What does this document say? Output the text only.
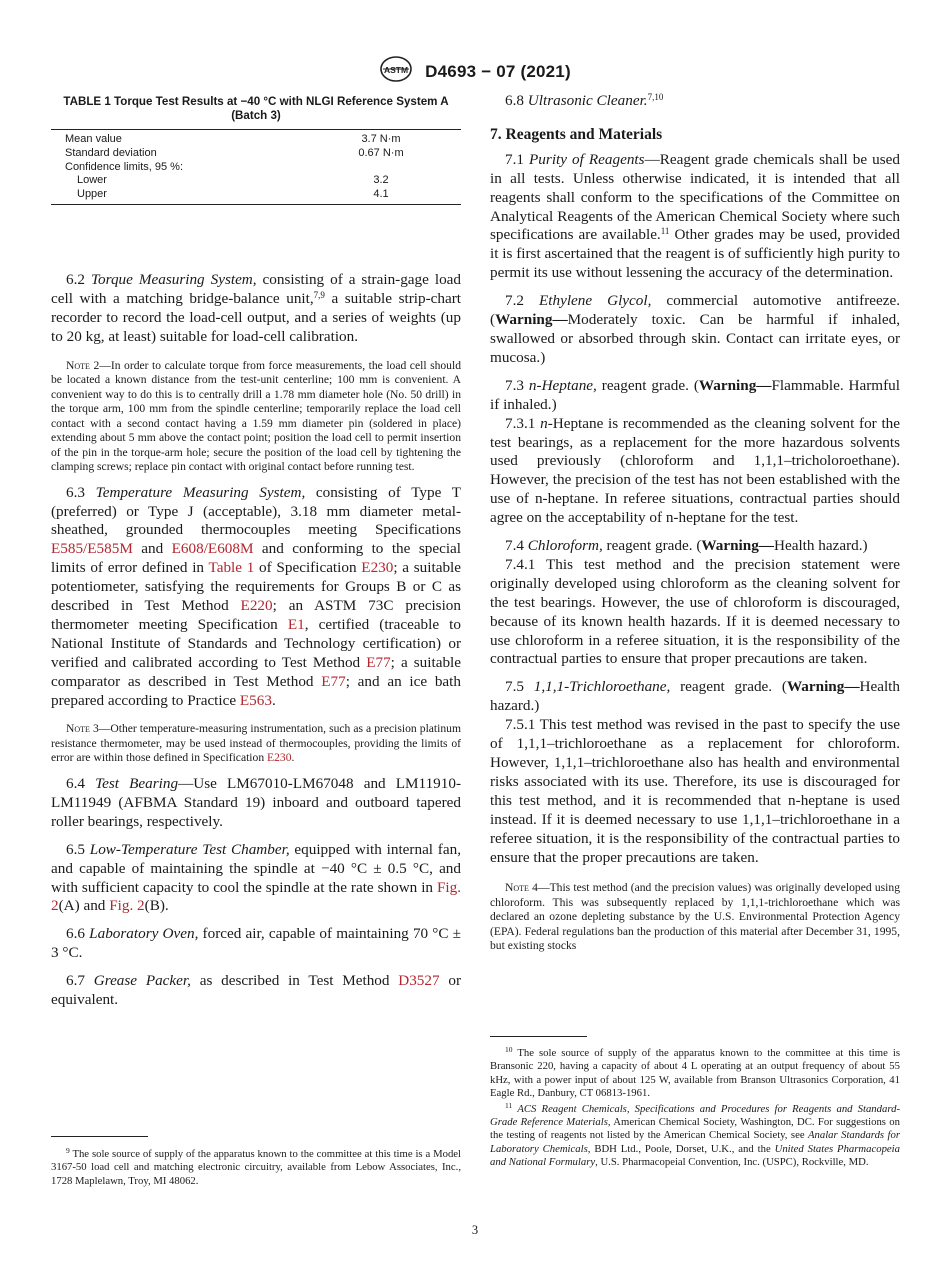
ASTM D4693 − 07 (2021)
TABLE 1 Torque Test Results at −40 °C with NLGI Reference System A (Batch 3)
Mean value	3.7 N·m
Standard deviation	0.67 N·m
Confidence limits, 95 %:	
Lower	3.2
Upper	4.1

6.2 Torque Measuring System, consisting of a strain-gage load cell with a matching bridge-balance unit,$^{7,9}$ a suitable strip-chart recorder to record the load-cell output, and a series of weights (up to 20 kg, at least) suitable for load-cell calibration.

Note 2—In order to calculate torque from force measurements, the load cell should be located a known distance from the test-unit centerline; 100 mm is convenient. A convenient way to do this is to centrally drill a 1.78 mm diameter hole (No. 50 drill) in the torque arm, 100 mm from the spindle centerline; temporarily replace the load cell contact with a second contact having a 1.59 mm diameter pin (soldered in place) extending about 5 mm above the contact point; position the load cell to permit insertion of the pin in the torque-arm hole; secure the position of the load cell by tightening the clamping screws; replace pin contact with original contact before running test.

6.3 Temperature Measuring System, consisting of Type T (preferred) or Type J (acceptable), 3.18 mm diameter metal-sheathed, grounded thermocouples meeting Specifications E585/E585M and E608/E608M and conforming to the special limits of error defined in Table 1 of Specification E230; a suitable potentiometer, satisfying the requirements for Groups B or C as described in Test Method E220; an ASTM 73C precision thermometer meeting Specification E1, certified (traceable to National Institute of Standards and Technology certification) or verified and calibrated according to Test Method E77; a suitable comparator as described in Test Method E77; and an ice bath prepared according to Practice E563.

Note 3—Other temperature-measuring instrumentation, such as a precision platinum resistance thermometer, may be used instead of thermocouples, providing the limits of error are within those defined in Specification E230.

6.4 Test Bearing—Use LM67010-LM67048 and LM11910-LM11949 (AFBMA Standard 19) inboard and outboard tapered roller bearings, respectively.

6.5 Low-Temperature Test Chamber, equipped with internal fan, and capable of maintaining the spindle at −40 °C ± 0.5 °C, and with sufficient capacity to cool the spindle at the rate shown in Fig. 2(A) and Fig. 2(B).

6.6 Laboratory Oven, forced air, capable of maintaining 70 °C ± 3 °C.

6.7 Grease Packer, as described in Test Method D3527 or equivalent.

$^9$ The sole source of supply of the apparatus known to the committee at this time is a Model 3167-50 load cell and matching electronic circuitry, available from Lebow Associates, Inc., 1728 Maplelawn, Troy, MI 48062.

6.8 Ultrasonic Cleaner.$^{7,10}$

7. Reagents and Materials

7.1 Purity of Reagents—Reagent grade chemicals shall be used in all tests. Unless otherwise indicated, it is intended that all reagents shall conform to the specifications of the Committee on Analytical Reagents of the American Chemical Society where such specifications are available.$^{11}$ Other grades may be used, provided it is first ascertained that the reagent is of sufficiently high purity to permit its use without lessening the accuracy of the determination.

7.2 Ethylene Glycol, commercial automotive antifreeze. (Warning—Moderately toxic. Can be harmful if inhaled, swallowed or absorbed through skin. Contact can irritate eyes, or mucosa.)

7.3 n-Heptane, reagent grade. (Warning—Flammable. Harmful if inhaled.)

7.3.1 n-Heptane is recommended as the cleaning solvent for the test bearings, as a replacement for the more hazardous solvents used previously (chloroform and 1,1,1–tricholoroethane). However, the precision of the test has not been established with the use of n-heptane. In referee situations, contractual parties should agree on the acceptability of n-heptane for the test.

7.4 Chloroform, reagent grade. (Warning—Health hazard.)

7.4.1 This test method and the precision statement were originally developed using chloroform as the cleaning solvent for the test bearings. However, the use of chloroform is discouraged, because of its known health hazards. If it is deemed necessary to use chloroform in a referee situation, it is the responsibility of the contractual parties to ensure that proper precautions are taken.

7.5 1,1,1-Trichloroethane, reagent grade. (Warning—Health hazard.)

7.5.1 This test method was revised in the past to specify the use of 1,1,1–trichloroethane as a replacement for chloroform. However, 1,1,1–trichloroethane also has health and environmental risks associated with its use. Therefore, its use is discouraged for this test method, and it is recommended that n-heptane is used instead. If it is deemed necessary to use 1,1,1–trichloroethane in a referee situation, it is the responsibility of the contractual parties to ensure that the proper precautions are taken.

Note 4—This test method (and the precision values) was originally developed using chloroform. This was subsequently replaced by 1,1,1-trichloroethane which was declared an ozone depleting substance by the U.S. Environmental Protection Agency (EPA). Federal regulations ban the production of this material after December 31, 1995, but existing stocks

$^{10}$ The sole source of supply of the apparatus known to the committee at this time is Bransonic 220, having a capacity of about 4 L operating at an output frequency of about 55 kHz, with a power input of about 125 W, available from Branson Ultrasonics Corporation, 41 Eagle Rd., Danbury, CT 06813-1961.

$^{11}$ ACS Reagent Chemicals, Specifications and Procedures for Reagents and Standard-Grade Reference Materials, American Chemical Society, Washington, DC. For suggestions on the testing of reagents not listed by the American Chemical Society, see Analar Standards for Laboratory Chemicals, BDH Ltd., Poole, Dorset, U.K., and the United States Pharmacopeia and National Formulary, U.S. Pharmacopeial Convention, Inc. (USPC), Rockville, MD.

3
